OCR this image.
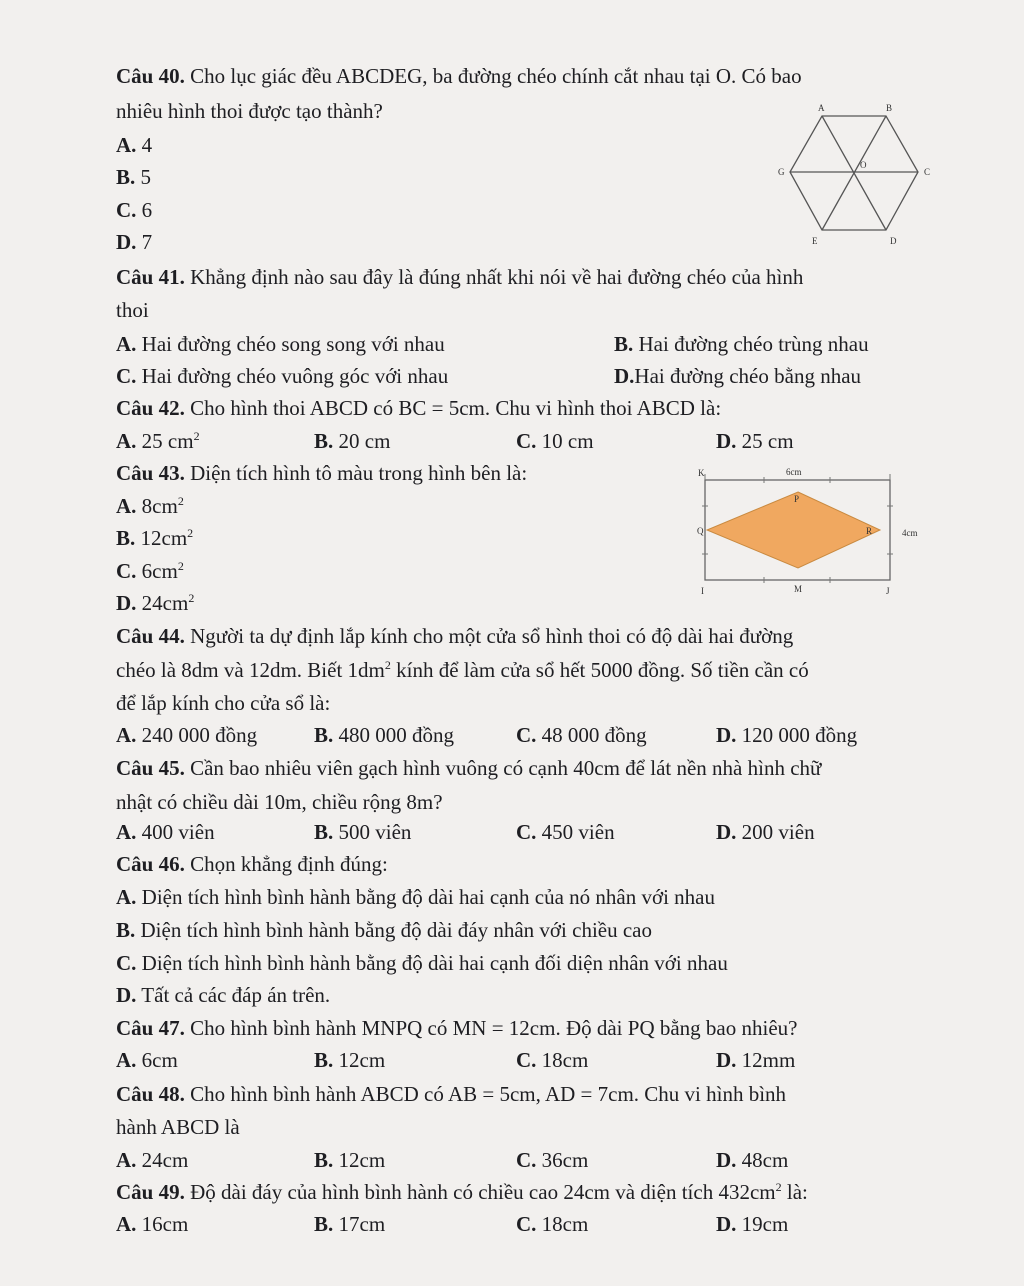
Câu 40. Cho lục giác đều ABCDEG, ba đường chéo chính cắt nhau tại O. Có bao
nhiêu hình thoi được tạo thành?
A. 4
B. 5
C. 6
D. 7
A	B
G
O
C
E	D
Câu 41. Khẳng định nào sau đây là đúng nhất khi nói về hai đường chéo của hình
thoi
A. Hai đường chéo song song với nhau	B. Hai đường chéo trùng nhau
C. Hai đường chéo vuông góc với nhau	D.Hai đường chéo bằng nhau
Câu 42. Cho hình thoi ABCD có BC = 5cm. Chu vi hình thoi ABCD là:
A. 25 $cm^2$	B. 20 cm	C. 10 cm	D. 25 cm
Câu 43. Diện tích hình tô màu trong hình bên là:
A. $8cm^2$
B. $12cm^2$
C. $6cm^2$
D. $24cm^2$
6cm
4cm
K
P
Q	R
I	M	J
Câu 44. Người ta dự định lắp kính cho một cửa sổ hình thoi có độ dài hai đường
chéo là 8dm và 12dm. Biết $1dm^2$ kính để làm cửa sổ hết 5000 đồng. Số tiền cần có
để lắp kính cho cửa sổ là:
A. 240 000 đồng	B. 480 000 đồng	C. 48 000 đồng	D. 120 000 đồng
Câu 45. Cần bao nhiêu viên gạch hình vuông có cạnh 40cm để lát nền nhà hình chữ
nhật có chiều dài 10m, chiều rộng 8m?
A. 400 viên	B. 500 viên	C. 450 viên	D. 200 viên
Câu 46. Chọn khẳng định đúng:
A. Diện tích hình bình hành bằng độ dài hai cạnh của nó nhân với nhau
B. Diện tích hình bình hành bằng độ dài đáy nhân với chiều cao
C. Diện tích hình bình hành bằng độ dài hai cạnh đối diện nhân với nhau
D. Tất cả các đáp án trên.
Câu 47. Cho hình bình hành MNPQ có MN = 12cm. Độ dài PQ bằng bao nhiêu?
A. 6cm	B. 12cm	C. 18cm	D. 12mm
Câu 48. Cho hình bình hành ABCD có AB = 5cm, AD = 7cm. Chu vi hình bình
hành ABCD là
A. 24cm	B. 12cm	C. 36cm	D. 48cm
Câu 49. Độ dài đáy của hình bình hành có chiều cao 24cm và diện tích $432cm^2$ là:
A. 16cm	B. 17cm	C. 18cm	D. 19cm
